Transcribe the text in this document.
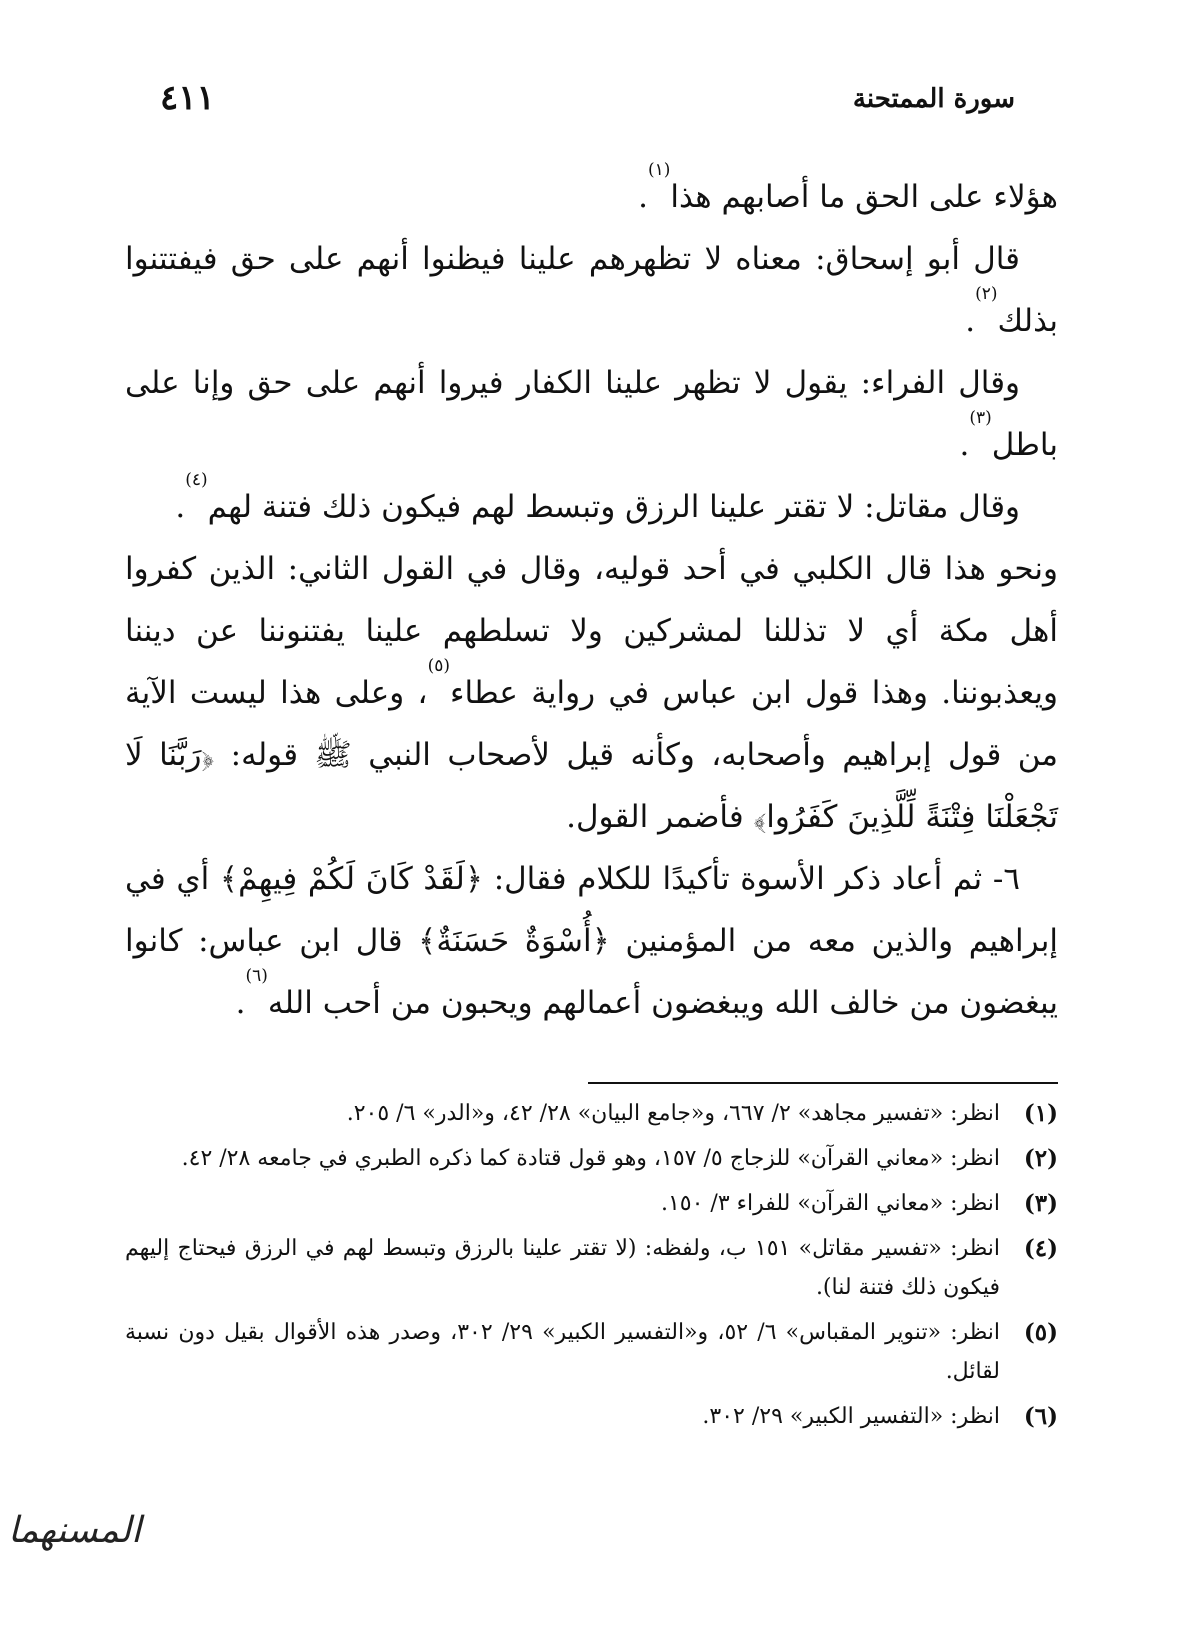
سورة الممتحنة
٤١١

هؤلاء على الحق ما أصابهم هذا$^{(١)}$.

قال أبو إسحاق: معناه لا تظهرهم علينا فيظنوا أنهم على حق فيفتتنوا بذلك$^{(٢)}$.

وقال الفراء: يقول لا تظهر علينا الكفار فيروا أنهم على حق وإنا على باطل$^{(٣)}$.

وقال مقاتل: لا تقتر علينا الرزق وتبسط لهم فيكون ذلك فتنة لهم$^{(٤)}$.

ونحو هذا قال الكلبي في أحد قوليه، وقال في القول الثاني: الذين كفروا أهل مكة أي لا تذللنا لمشركين ولا تسلطهم علينا يفتنوننا عن ديننا ويعذبوننا. وهذا قول ابن عباس في رواية عطاء$^{(٥)}$، وعلى هذا ليست الآية من قول إبراهيم وأصحابه، وكأنه قيل لأصحاب النبي ﷺ قوله: ﴿رَبَّنَا لَا تَجْعَلْنَا فِتْنَةً لِّلَّذِينَ كَفَرُوا﴾ فأضمر القول.

٦- ثم أعاد ذكر الأسوة تأكيدًا للكلام فقال: ﴿لَقَدْ كَانَ لَكُمْ فِيهِمْ﴾ أي في إبراهيم والذين معه من المؤمنين ﴿أُسْوَةٌ حَسَنَةٌ﴾ قال ابن عباس: كانوا يبغضون من خالف الله ويبغضون أعمالهم ويحبون من أحب الله$^{(٦)}$.

(١)
انظر: «تفسير مجاهد» ٢/ ٦٦٧، و«جامع البيان» ٢٨/ ٤٢، و«الدر» ٦/ ٢٠٥.
(٢)
انظر: «معاني القرآن» للزجاج ٥/ ١٥٧، وهو قول قتادة كما ذكره الطبري في جامعه ٢٨/ ٤٢.
(٣)
انظر: «معاني القرآن» للفراء ٣/ ١٥٠.
(٤)
انظر: «تفسير مقاتل» ١٥١ ب، ولفظه: (لا تقتر علينا بالرزق وتبسط لهم في الرزق فيحتاج إليهم فيكون ذلك فتنة لنا).
(٥)
انظر: «تنوير المقباس» ٦/ ٥٢، و«التفسير الكبير» ٢٩/ ٣٠٢، وصدر هذه الأقوال بقيل دون نسبة لقائل.
(٦)
انظر: «التفسير الكبير» ٢٩/ ٣٠٢.
المسنهما
